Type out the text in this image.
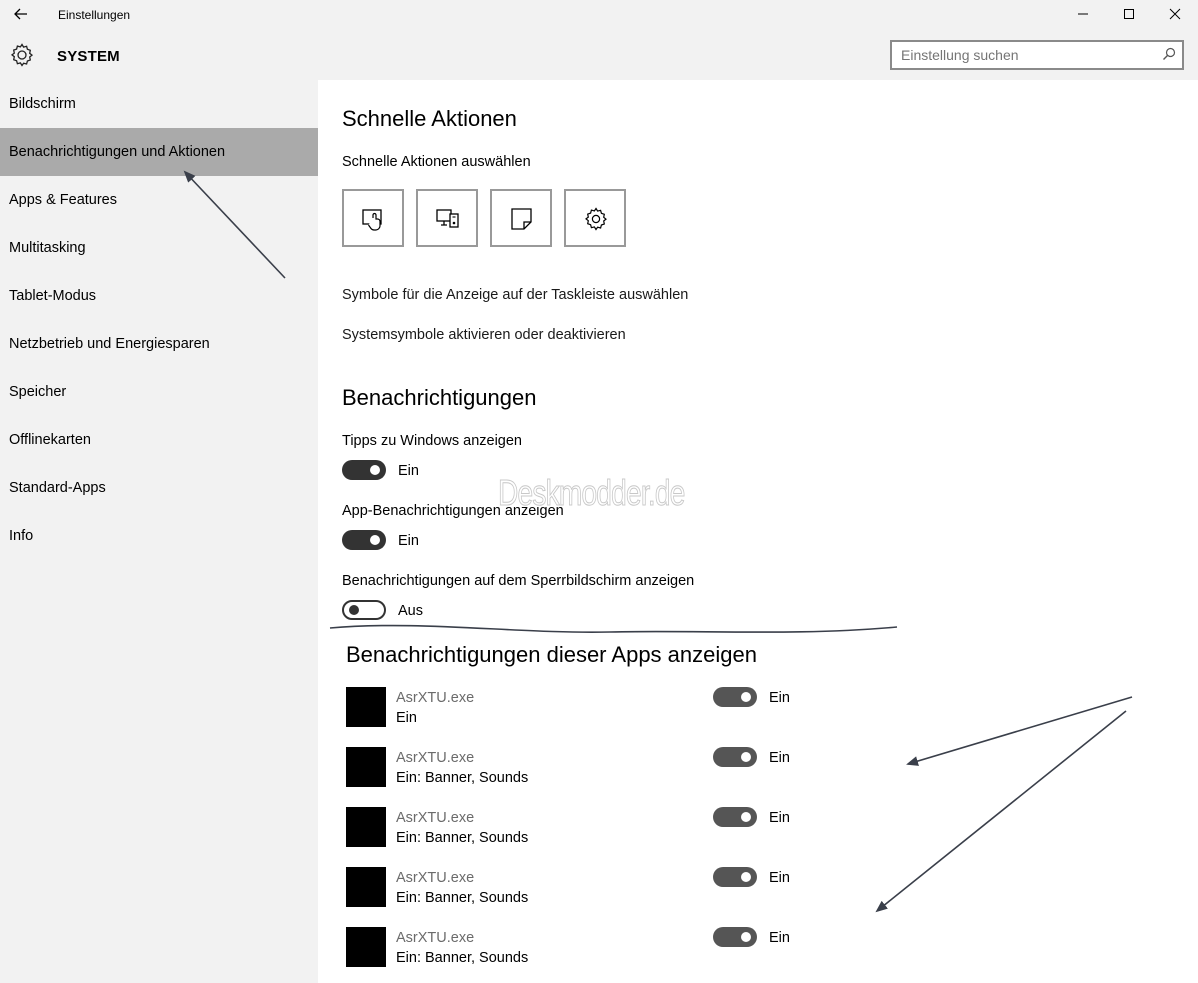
Einstellungen
SYSTEM
Einstellung suchen
Bildschirm
Benachrichtigungen und Aktionen
Apps & Features
Multitasking
Tablet-Modus
Netzbetrieb und Energiesparen
Speicher
Offlinekarten
Standard-Apps
Info
Schnelle Aktionen
Schnelle Aktionen auswählen
Symbole für die Anzeige auf der Taskleiste auswählen
Systemsymbole aktivieren oder deaktivieren
Benachrichtigungen
Tipps zu Windows anzeigen
Ein
App-Benachrichtigungen anzeigen
Ein
Benachrichtigungen auf dem Sperrbildschirm anzeigen
Aus
Deskmodder.de
Benachrichtigungen dieser Apps anzeigen
AsrXTU.exe
Ein
Ein
AsrXTU.exe
Ein: Banner, Sounds
Ein
AsrXTU.exe
Ein: Banner, Sounds
Ein
AsrXTU.exe
Ein: Banner, Sounds
Ein
AsrXTU.exe
Ein: Banner, Sounds
Ein
